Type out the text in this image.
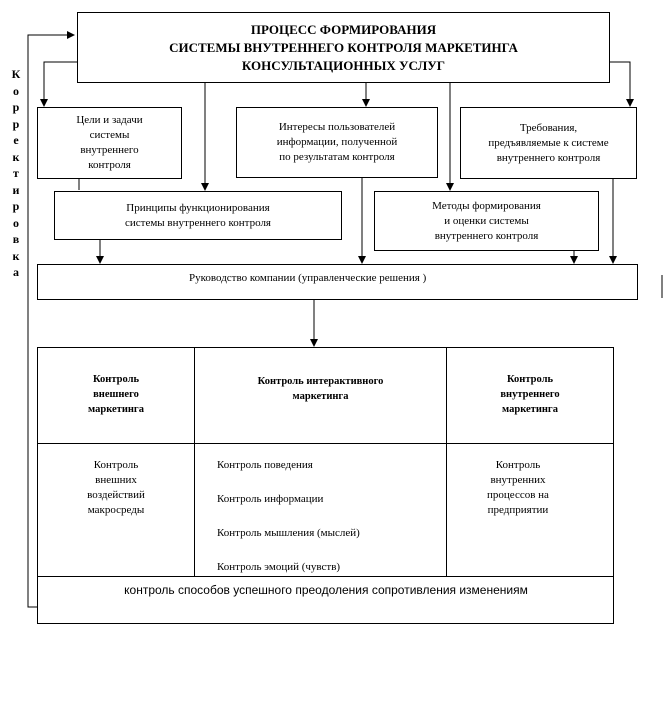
Корректировка
ПРОЦЕСС ФОРМИРОВАНИЯ
СИСТЕМЫ ВНУТРЕННЕГО КОНТРОЛЯ МАРКЕТИНГА
КОНСУЛЬТАЦИОННЫХ УСЛУГ
Цели и задачи
системы
внутреннего
контроля
Интересы пользователей
информации, полученной
по результатам контроля
Требования,
предъявляемые к системе
внутреннего контроля
Принципы функционирования
системы внутреннего контроля
Методы формирования
и оценки системы
внутреннего контроля
Руководство компании (управленческие решения )
Контроль
внешнего
маркетинга
Контроль интерактивного
маркетинга
Контроль
внутреннего
маркетинга
Контроль
внешних
воздействий
макросреды
Контроль поведения
Контроль информации
Контроль мышления (мыслей)
Контроль эмоций (чувств)
Контроль
внутренних
процессов на
предприятии
контроль способов успешного преодоления сопротивления изменениям
